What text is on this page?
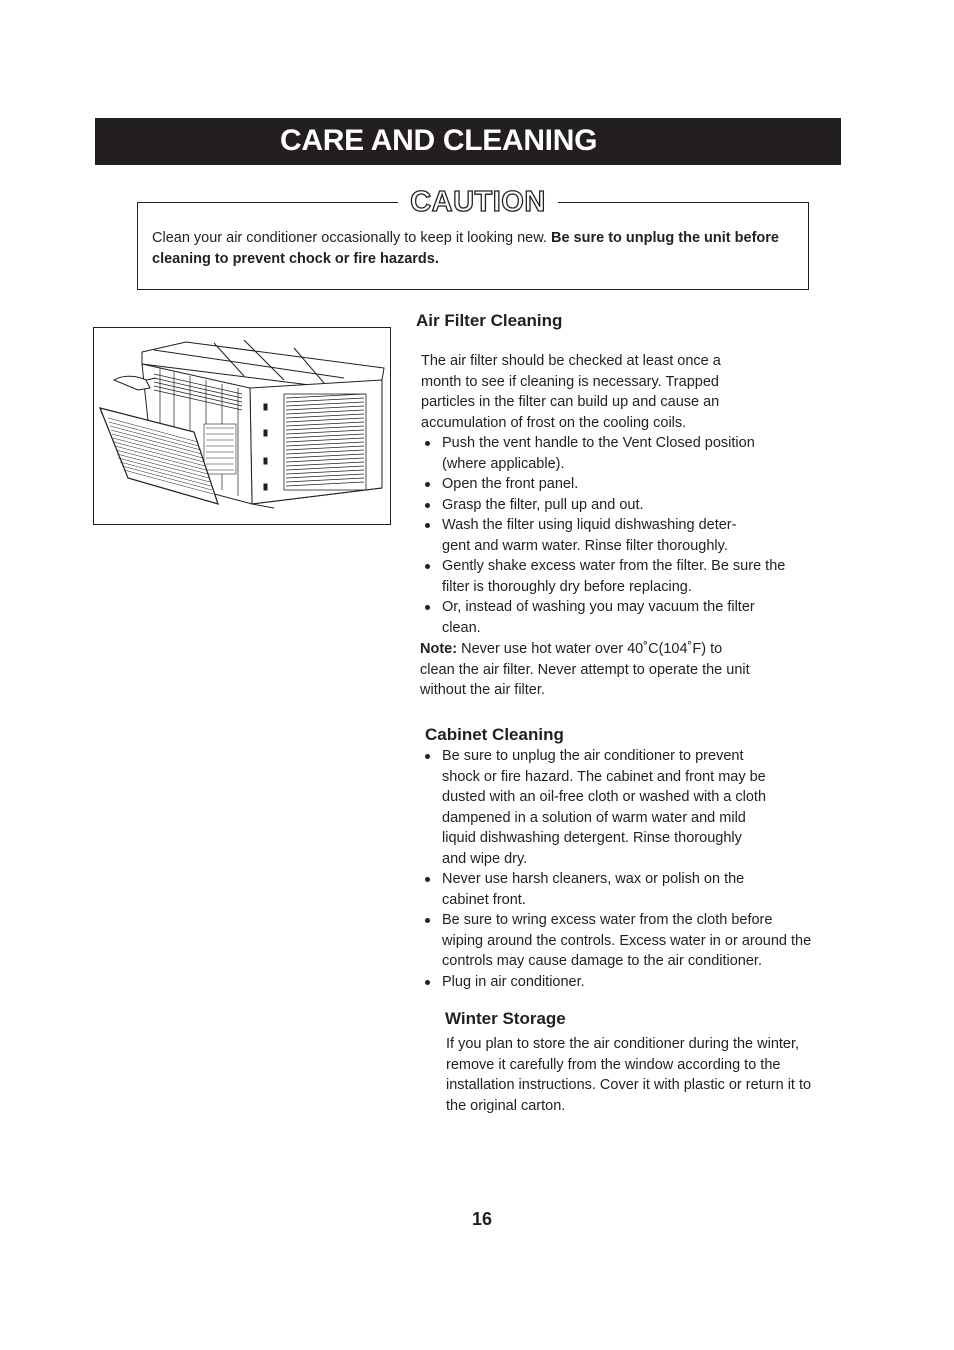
CARE AND CLEANING
Clean your air conditioner occasionally to keep it looking new. Be sure to unplug the unit before cleaning to prevent chock or fire hazards.
CAUTION
Air Filter Cleaning
The air filter should be checked at least once a month to see if cleaning is necessary. Trapped particles in the filter can build up and cause an accumulation of frost on the cooling coils.
Push the vent handle to the Vent Closed position (where applicable).
Open the front panel.
Grasp the filter, pull up and out.
Wash the filter using liquid dishwashing deter-gent and warm water. Rinse filter thoroughly.
Gently shake excess water from the filter. Be sure the filter is thoroughly dry before replacing.
Or, instead of washing you may vacuum the filter clean.
Note: Never use hot water over 40˚C(104˚F) to clean the air filter. Never attempt to operate the unit without the air filter.
Cabinet Cleaning
Be sure to unplug the air conditioner to prevent shock or fire hazard. The cabinet and front may be dusted with an oil-free cloth or washed with a cloth dampened in a solution of warm water and mild liquid dishwashing detergent. Rinse thoroughly and wipe dry.
Never use harsh cleaners, wax or polish on the cabinet front.
Be sure to wring excess water from the cloth before wiping around the controls. Excess water in or around the controls may cause damage to the air conditioner.
Plug in air conditioner.
Winter Storage
If you plan to store the air conditioner during the winter, remove it carefully from the window according to the installation instructions. Cover it with plastic or return it to the original carton.
16
